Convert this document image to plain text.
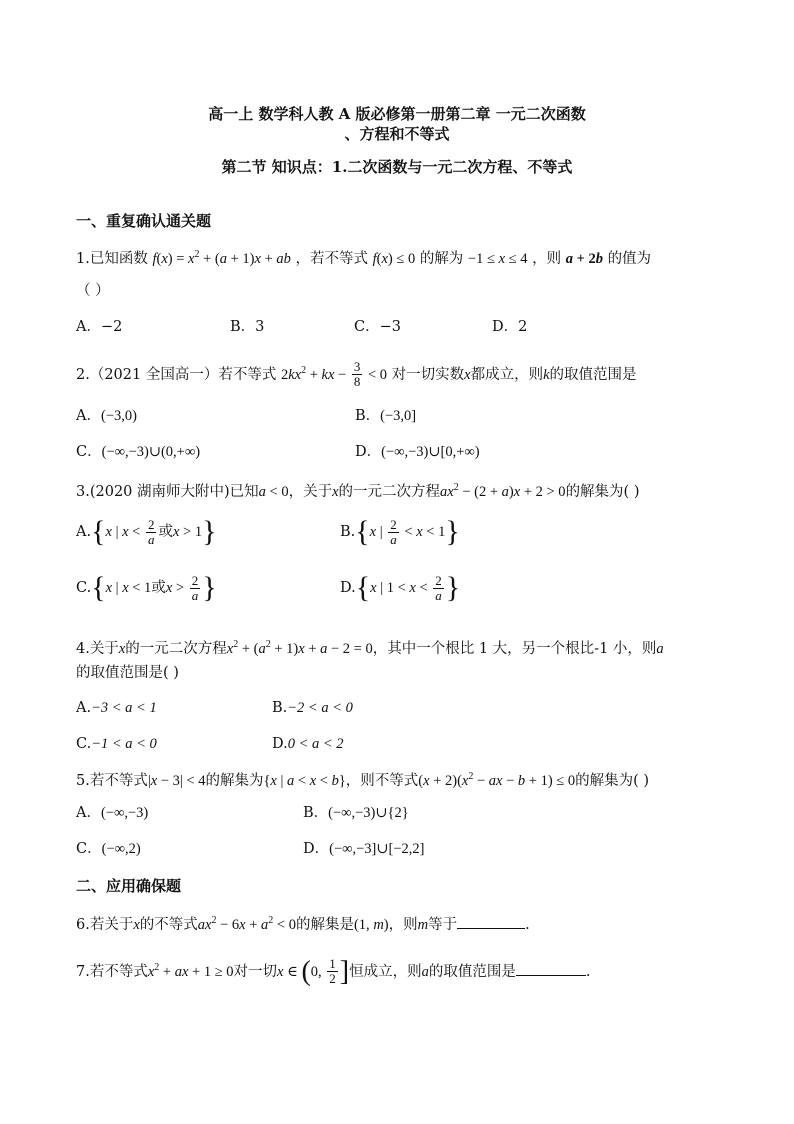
高一上 数学科人教 A 版必修第一册第二章 一元二次函数
、方程和不等式
第二节 知识点：1.二次函数与一元二次方程、不等式
一、重复确认通关题
1.已知函数 $f(x) = x^2 + (a + 1)x$ + ab ，若不等式 f(x) ≤ 0 的解为 −1 ≤ x ≤ 4 ，则 a + 2b 的值为
（ ）
A．−2	B．3	C．−3	D．2
2.（2021 全国高一）若不等式 $2kx^2$ + kx − $\frac{3}{8} < 0$ 对一切实数x都成立，则k的取值范围是
A．(−3,0)	B．(−3,0]
C．(−∞,−3)∪(0,+∞)	D．(−∞,−3)∪[0,+∞)
3.(2020 湖南师大附中)已知a < 0，关于x的一元二次方程$ax^2 - (2 + a)x + 2 > 0$的解集为( )
A.{x | $x < \frac{2}{a}$ 或x > 1}	B.{x | $\frac{2}{a} < x < 1$}
C.{x | x < 1或$x > \frac{2}{a}$ }	D.{x | $1 < x < \frac{2}{a}$ }
4.关于x的一元二次方程$x^2 + (a^2 + 1)x + a - 2 = 0$，其中一个根比 1 大，另一个根比-1 小，则a
的取值范围是( )
A.−3 < a < 1	B.−2 < a < 0
C.−1 < a < 0	D.0 < a < 2
5.若不等式|x − 3| < 4的解集为{x | a < x < b}，则不等式$(x + 2)(x^2$ − ax − b + 1) ≤ 0的解集为( )
A．(−∞,−3)	B．(−∞,−3)∪{2}
C．(−∞,2)	D．(−∞,−3]∪[−2,2]
二、应用确保题
6.若关于x的不等式$ax^2 - 6x + a^2 < 0$的解集是(1, m)，则m等于	.
7.若不等式$x^2$ + ax + 1 ≥ 0对一切x ∈ (0, $\frac{1}{2}$ ]恒成立，则a的取值范围是	.
